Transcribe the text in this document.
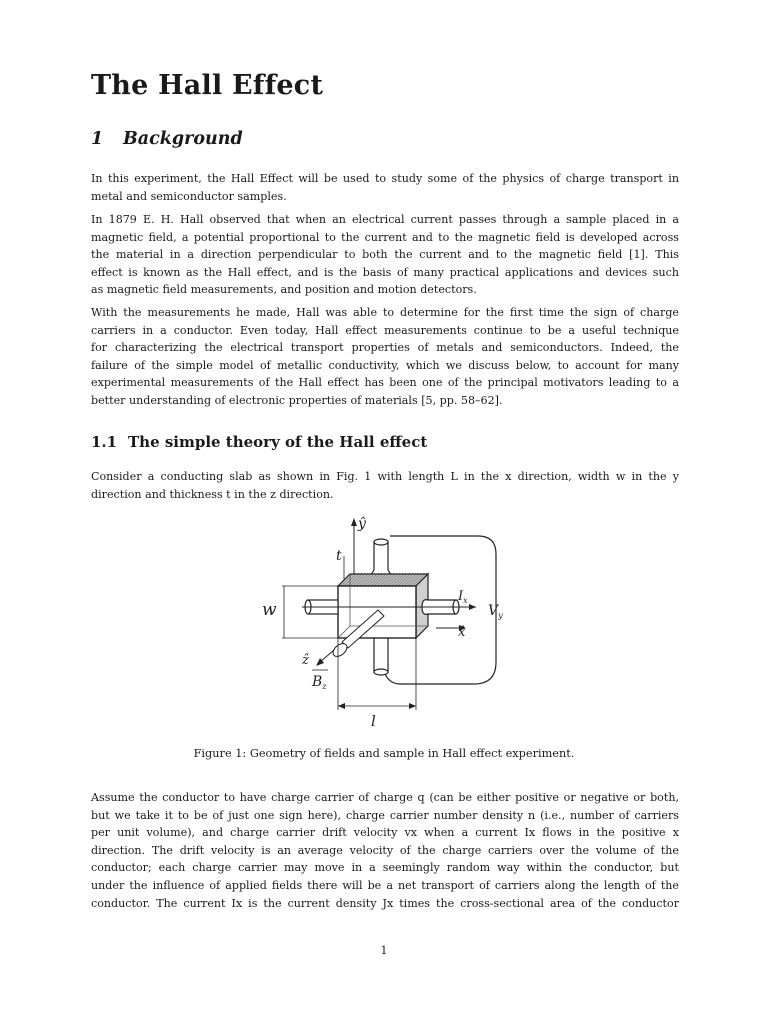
The Hall Effect
1 Background

In this experiment, the Hall Effect will be used to study some of the physics of charge transport in
metal and semiconductor samples.

In 1879 E. H. Hall observed that when an electrical current passes through a sample placed in a
magnetic field, a potential proportional to the current and to the magnetic field is developed across
the material in a direction perpendicular to both the current and to the magnetic field [1]. This
effect is known as the Hall effect, and is the basis of many practical applications and devices such
as magnetic field measurements, and position and motion detectors.

With the measurements he made, Hall was able to determine for the first time the sign of charge
carriers in a conductor. Even today, Hall effect measurements continue to be a useful technique
for characterizing the electrical transport properties of metals and semiconductors. Indeed, the
failure of the simple model of metallic conductivity, which we discuss below, to account for many
experimental measurements of the Hall effect has been one of the principal motivators leading to a
better understanding of electronic properties of materials [5, pp. 58–62].

1.1 The simple theory of the Hall effect

Consider a conducting slab as shown in Fig. 1 with length L in the x direction, width w in the y
direction and thickness t in the z direction.

ŷ
t
w
$I_x$
$V_y$
x̂
ẑ
$B_z$
l

Figure 1: Geometry of fields and sample in Hall effect experiment.

Assume the conductor to have charge carrier of charge q (can be either positive or negative or both,
but we take it to be of just one sign here), charge carrier number density n (i.e., number of carriers
per unit volume), and charge carrier drift velocity vx when a current Ix flows in the positive x
direction. The drift velocity is an average velocity of the charge carriers over the volume of the
conductor; each charge carrier may move in a seemingly random way within the conductor, but
under the influence of applied fields there will be a net transport of carriers along the length of the
conductor. The current Ix is the current density Jx times the cross-sectional area of the conductor

1
